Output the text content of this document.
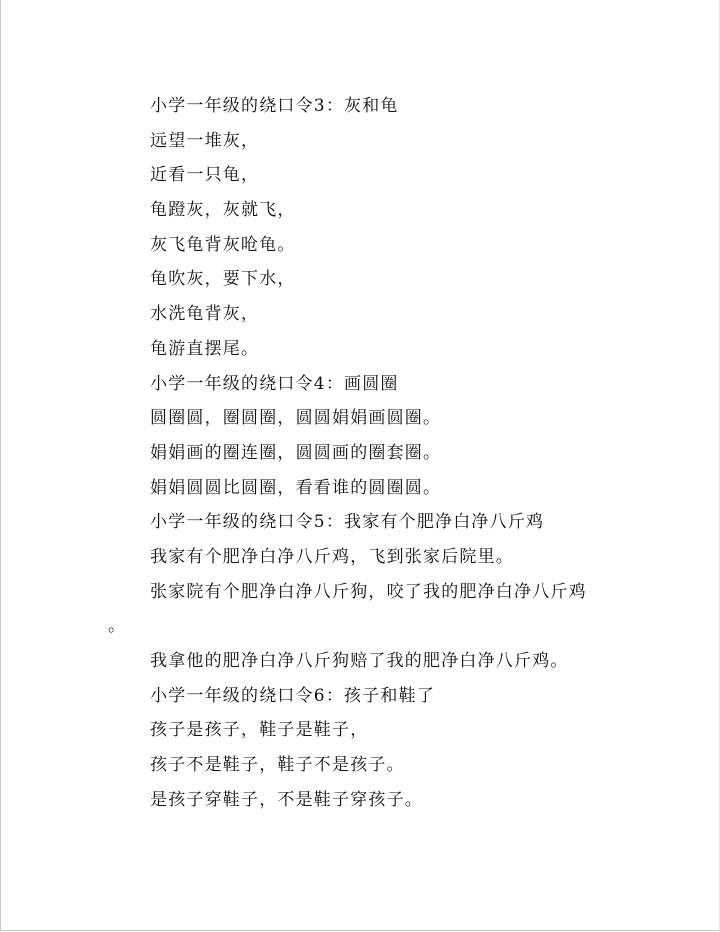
小学一年级的绕口令3：灰和龟
远望一堆灰，
近看一只龟，
龟蹬灰，灰就飞，
灰飞龟背灰呛龟。
龟吹灰，要下水，
水洗龟背灰，
龟游直摆尾。
小学一年级的绕口令4：画圆圈
圆圈圆，圈圆圈，圆圆娟娟画圆圈。
娟娟画的圈连圈，圆圆画的圈套圈。
娟娟圆圆比圆圈，看看谁的圆圈圆。
小学一年级的绕口令5：我家有个肥净白净八斤鸡
我家有个肥净白净八斤鸡，飞到张家后院里。
张家院有个肥净白净八斤狗，咬了我的肥净白净八斤鸡
。
我拿他的肥净白净八斤狗赔了我的肥净白净八斤鸡。
小学一年级的绕口令6：孩子和鞋了
孩子是孩子，鞋子是鞋子，
孩子不是鞋子，鞋子不是孩子。
是孩子穿鞋子，不是鞋子穿孩子。
